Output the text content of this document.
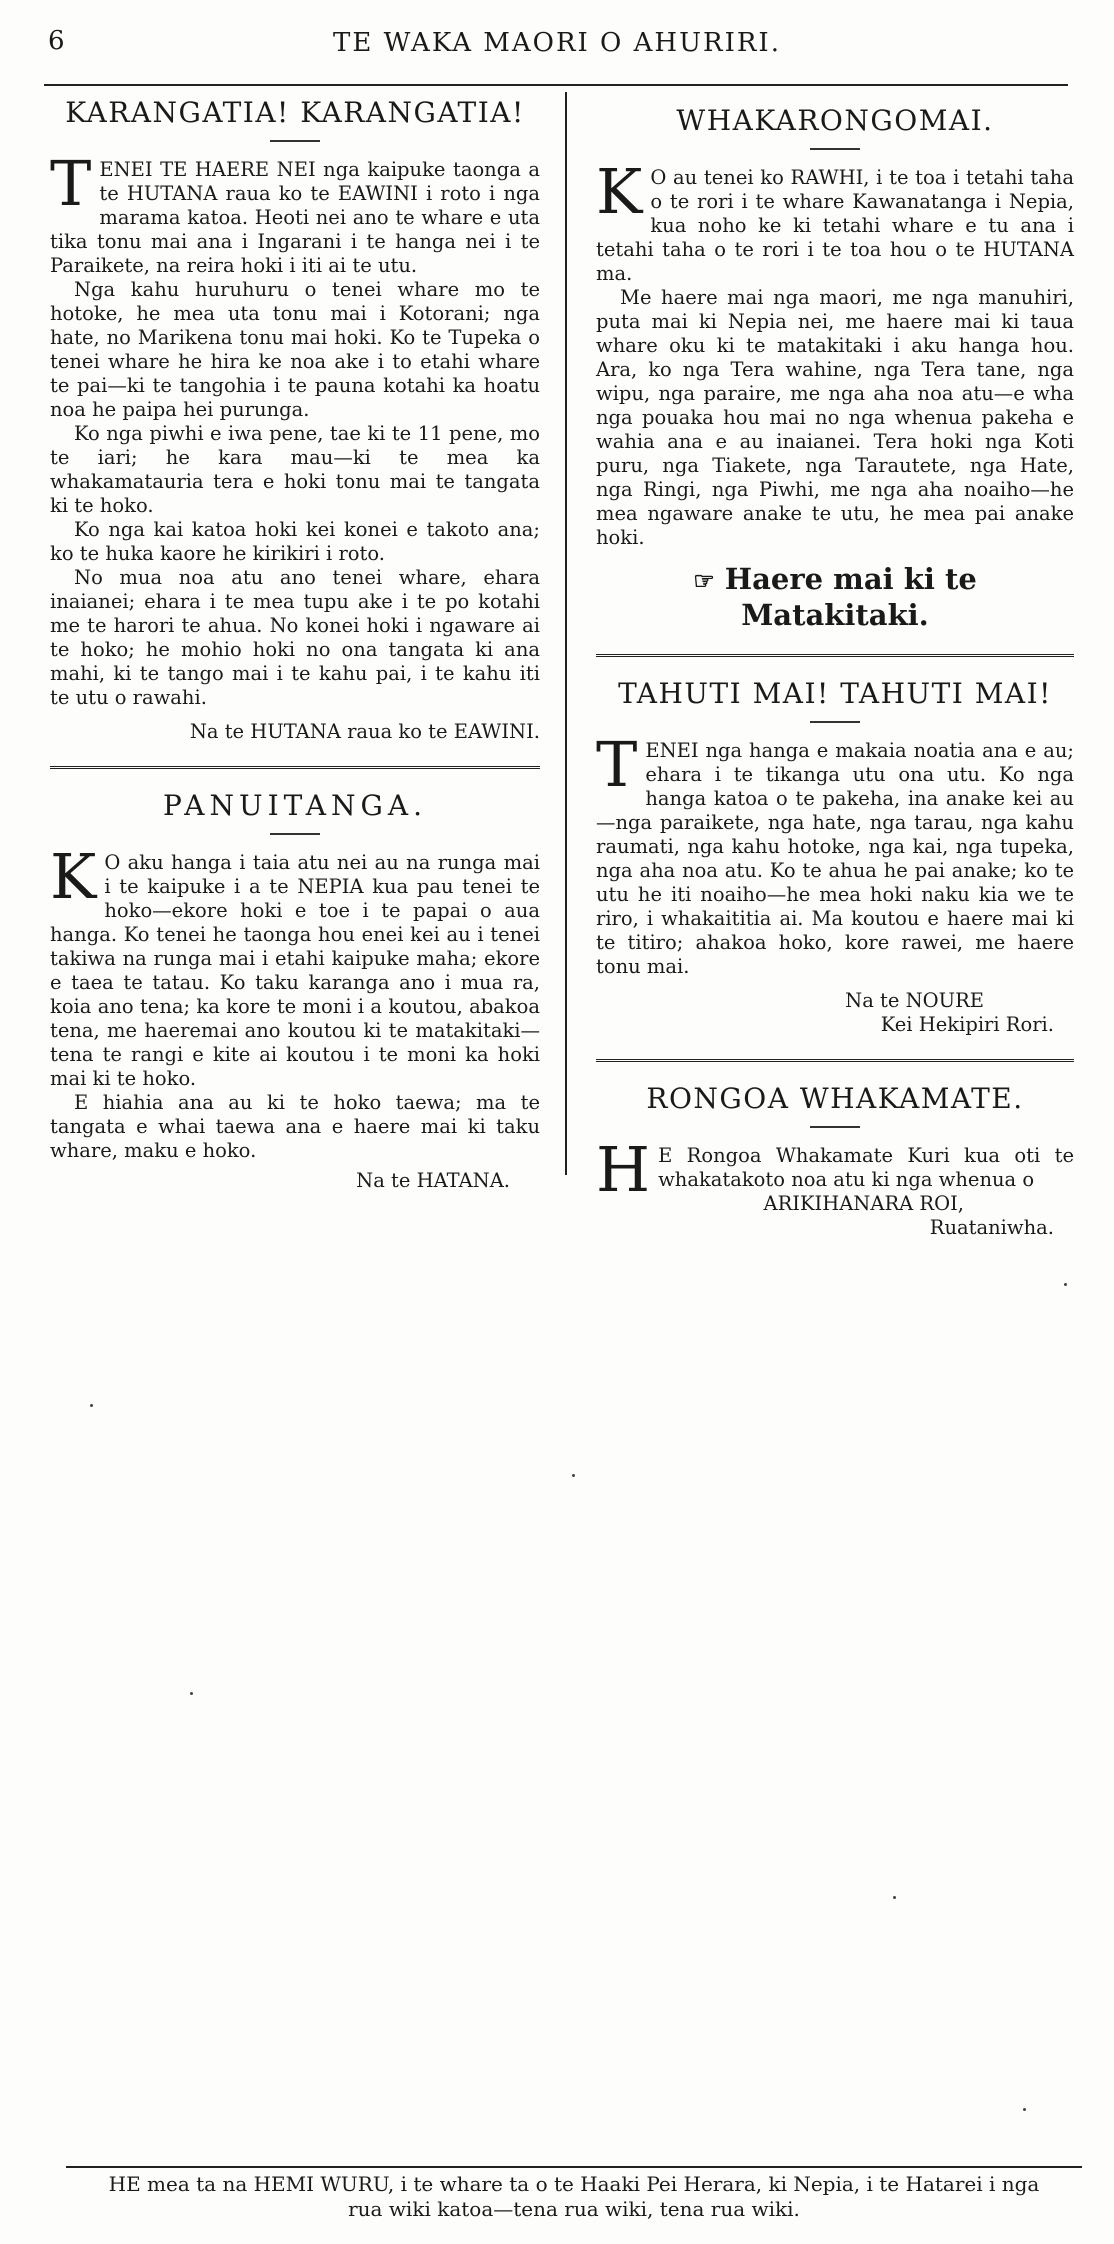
6	TE WAKA MAORI O AHURIRI.
KARANGATIA! KARANGATIA!

TENEI TE HAERE NEI nga kaipuke taonga a te HUTANA raua ko te EAWINI i roto i nga marama katoa. Heoti nei ano te whare e uta tika tonu mai ana i Ingarani i te hanga nei i te Paraikete, na reira hoki i iti ai te utu.

Nga kahu huruhuru o tenei whare mo te hotoke, he mea uta tonu mai i Kotorani; nga hate, no Marikena tonu mai hoki. Ko te Tupeka o tenei whare he hira ke noa ake i to etahi whare te pai—ki te tangohia i te pauna kotahi ka hoatu noa he paipa hei purunga.

Ko nga piwhi e iwa pene, tae ki te 11 pene, mo te iari; he kara mau—ki te mea ka whakamatauria tera e hoki tonu mai te tangata ki te hoko.

Ko nga kai katoa hoki kei konei e takoto ana; ko te huka kaore he kirikiri i roto.

No mua noa atu ano tenei whare, ehara inaianei; ehara i te mea tupu ake i te po kotahi me te harori te ahua. No konei hoki i ngaware ai te hoko; he mohio hoki no ona tangata ki ana mahi, ki te tango mai i te kahu pai, i te kahu iti te utu o rawahi.

Na te HUTANA raua ko te EAWINI.
PANUITANGA.

K O aku hanga i taia atu nei au na runga mai i te kaipuke i a te NEPIA kua pau tenei te hoko—ekore hoki e toe i te papai o aua hanga. Ko tenei he taonga hou enei kei au i tenei takiwa na runga mai i etahi kaipuke maha; ekore e taea te tatau. Ko taku karanga ano i mua ra, koia ano tena; ka kore te moni i a koutou, abakoa tena, me haeremai ano koutou ki te matakitaki—tena te rangi e kite ai koutou i te moni ka hoki mai ki te hoko.

E hiahia ana au ki te hoko taewa; ma te tangata e whai taewa ana e haere mai ki taku whare, maku e hoko.

Na te HATANA.
WHAKARONGOMAI.

K O au tenei ko RAWHI, i te toa i tetahi taha o te rori i te whare Kawanatanga i Nepia, kua noho ke ki tetahi whare e tu ana i tetahi taha o te rori i te toa hou o te HUTANA ma.

Me haere mai nga maori, me nga manuhiri, puta mai ki Nepia nei, me haere mai ki taua whare oku ki te matakitaki i aku hanga hou. Ara, ko nga Tera wahine, nga Tera tane, nga wipu, nga paraire, me nga aha noa atu—e wha nga pouaka hou mai no nga whenua pakeha e wahia ana e au inaianei. Tera hoki nga Koti puru, nga Tiakete, nga Tarautete, nga Hate, nga Ringi, nga Piwhi, me nga aha noaiho—he mea ngaware anake te utu, he mea pai anake hoki.

☞ Haere mai ki te Matakitaki.
TAHUTI MAI! TAHUTI MAI!

TENEI nga hanga e makaia noatia ana e au; ehara i te tikanga utu ona utu. Ko nga hanga katoa o te pakeha, ina anake kei au—nga paraikete, nga hate, nga tarau, nga kahu raumati, nga kahu hotoke, nga kai, nga tupeka, nga aha noa atu. Ko te ahua he pai anake; ko te utu he iti noaiho—he mea hoki naku kia we te riro, i whakaititia ai. Ma koutou e haere mai ki te titiro; ahakoa hoko, kore rawei, me haere tonu mai.

Na te NOURE
Kei Hekipiri Rori.
RONGOA WHAKAMATE.

H E Rongoa Whakamate Kuri kua oti te whakatakoto noa atu ki nga whenua o

ARIKIHANARA ROI,
Ruataniwha.
HE mea ta na HEMI WURU, i te whare ta o te Haaki Pei Herara, ki Nepia, i te Hatarei i nga
rua wiki katoa—tena rua wiki, tena rua wiki.
